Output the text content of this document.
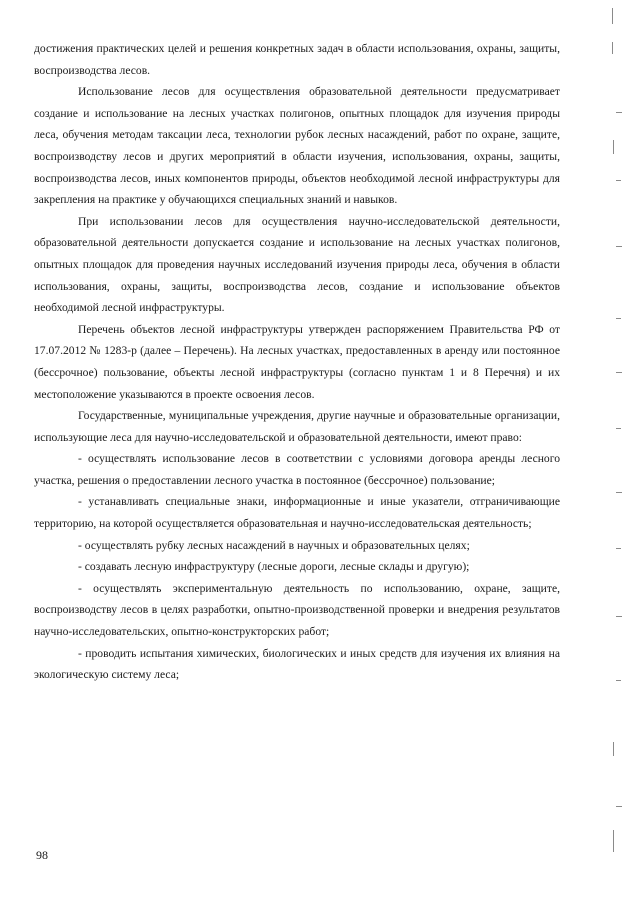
достижения практических целей и решения конкретных задач в области использования, охраны, защиты, воспроизводства лесов.

Использование лесов для осуществления образовательной деятельности предусматривает создание и использование на лесных участках полигонов, опытных площадок для изучения природы леса, обучения методам таксации леса, технологии рубок лесных насаждений, работ по охране, защите, воспроизводству лесов и других мероприятий в области изучения, использования, охраны, защиты, воспроизводства лесов, иных компонентов природы, объектов необходимой лесной инфраструктуры для закрепления на практике у обучающихся специальных знаний и навыков.

При использовании лесов для осуществления научно-исследовательской деятельности, образовательной деятельности допускается создание и использование на лесных участках полигонов, опытных площадок для проведения научных исследований изучения природы леса, обучения в области использования, охраны, защиты, воспроизводства лесов, создание и использование объектов необходимой лесной инфраструктуры.

Перечень объектов лесной инфраструктуры утвержден распоряжением Правительства РФ от 17.07.2012 № 1283-р (далее – Перечень). На лесных участках, предоставленных в аренду или постоянное (бессрочное) пользование, объекты лесной инфраструктуры (согласно пунктам 1 и 8 Перечня) и их местоположение указываются в проекте освоения лесов.

Государственные, муниципальные учреждения, другие научные и образовательные организации, использующие леса для научно-исследовательской и образовательной деятельности, имеют право:

- осуществлять использование лесов в соответствии с условиями договора аренды лесного участка, решения о предоставлении лесного участка в постоянное (бессрочное) пользование;

- устанавливать специальные знаки, информационные и иные указатели, отграничивающие территорию, на которой осуществляется образовательная и научно-исследовательская деятельность;

- осуществлять рубку лесных насаждений в научных и образовательных целях;

- создавать лесную инфраструктуру (лесные дороги, лесные склады и другую);

- осуществлять экспериментальную деятельность по использованию, охране, защите, воспроизводству лесов в целях разработки, опытно-производственной проверки и внедрения результатов научно-исследовательских, опытно-конструкторских работ;

- проводить испытания химических, биологических и иных средств для изучения их влияния на экологическую систему леса;

98
